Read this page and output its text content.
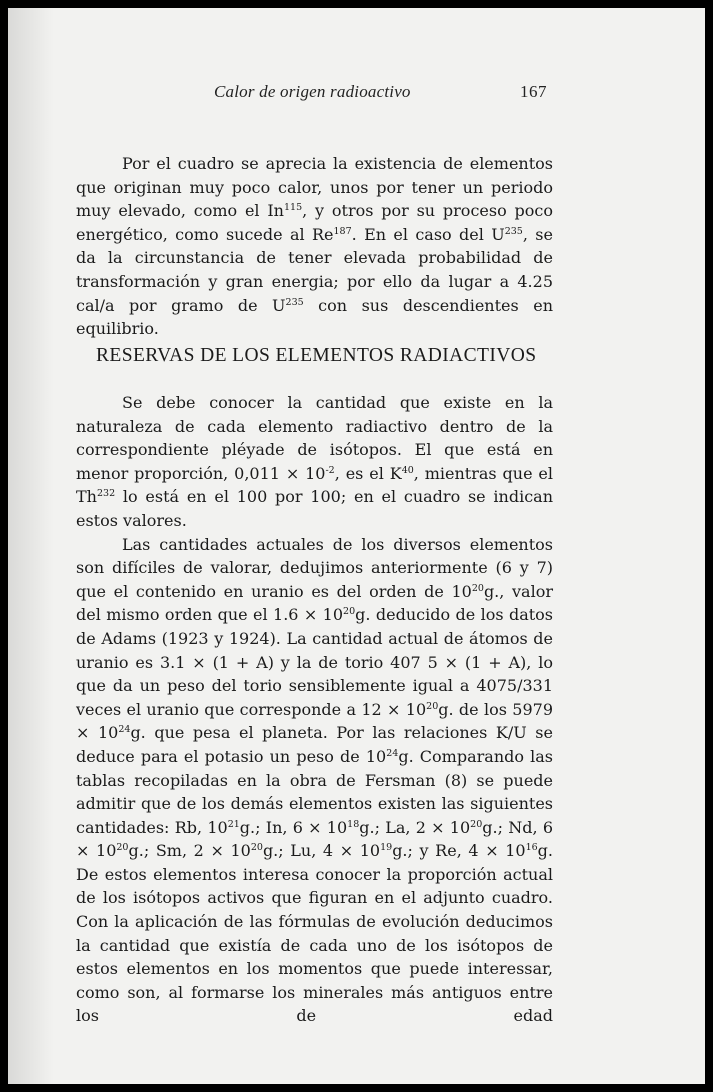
Calor de origen radioactivo	167

Por el cuadro se aprecia la existencia de elementos que originan muy poco calor, unos por tener un periodo muy elevado, como el In$^{115}$, y otros por su proceso poco energético, como sucede al Re$^{187}$. En el caso del $U^{235}$, se da la circunstancia de tener elevada probabilidad de transformación y gran energia; por ello da lugar a 4.25 cal/a por gramo de $U^{235}$ con sus descendientes en equilibrio.

RESERVAS DE LOS ELEMENTOS RADIACTIVOS

Se debe conocer la cantidad que existe en la naturaleza de cada elemento radiactivo dentro de la correspondiente pléyade de isótopos. El que está en menor proporción, $0,011 \times 10^{-2}$, es el $K^{40}$, mientras que el Th$^{232}$ lo está en el 100 por 100; en el cuadro se indican estos valores.

Las cantidades actuales de los diversos elementos son difíciles de valorar, dedujimos anteriormente (6 y 7) que el contenido en uranio es del orden de $10^{20}g$., valor del mismo orden que el $1.6 \times 10^{20}g$. deducido de los datos de Adams (1923 y 1924). La cantidad actual de átomos de uranio es 3.1 × (1 + A) y la de torio 407 5 × (1 + A), lo que da un peso del torio sensiblemente igual a 4075/331 veces el uranio que corresponde a $12 \times 10^{20}g$. de los $5979 \times 10^{24}g$. que pesa el planeta. Por las relaciones K/U se deduce para el potasio un peso de $10^{24}g$. Comparando las tablas recopiladas en la obra de Fersman (8) se puede admitir que de los demás elementos existen las siguientes cantidades: Rb, $10^{21}g$.; In, $6 \times 10^{18}g$.; La, $2 \times 10^{20}g$.; Nd, $6 \times 10^{20}g$.; Sm, $2 \times 10^{20}g$.; Lu, $4 \times 10^{19}g$.; y Re, $4 \times 10^{16}g$. De estos elementos interesa conocer la proporción actual de los isótopos activos que figuran en el adjunto cuadro. Con la aplicación de las fórmulas de evolución deducimos la cantidad que existía de cada uno de los isótopos de estos elementos en los momentos que puede interessar, como son, al formarse los minerales más antiguos entre los de edad
